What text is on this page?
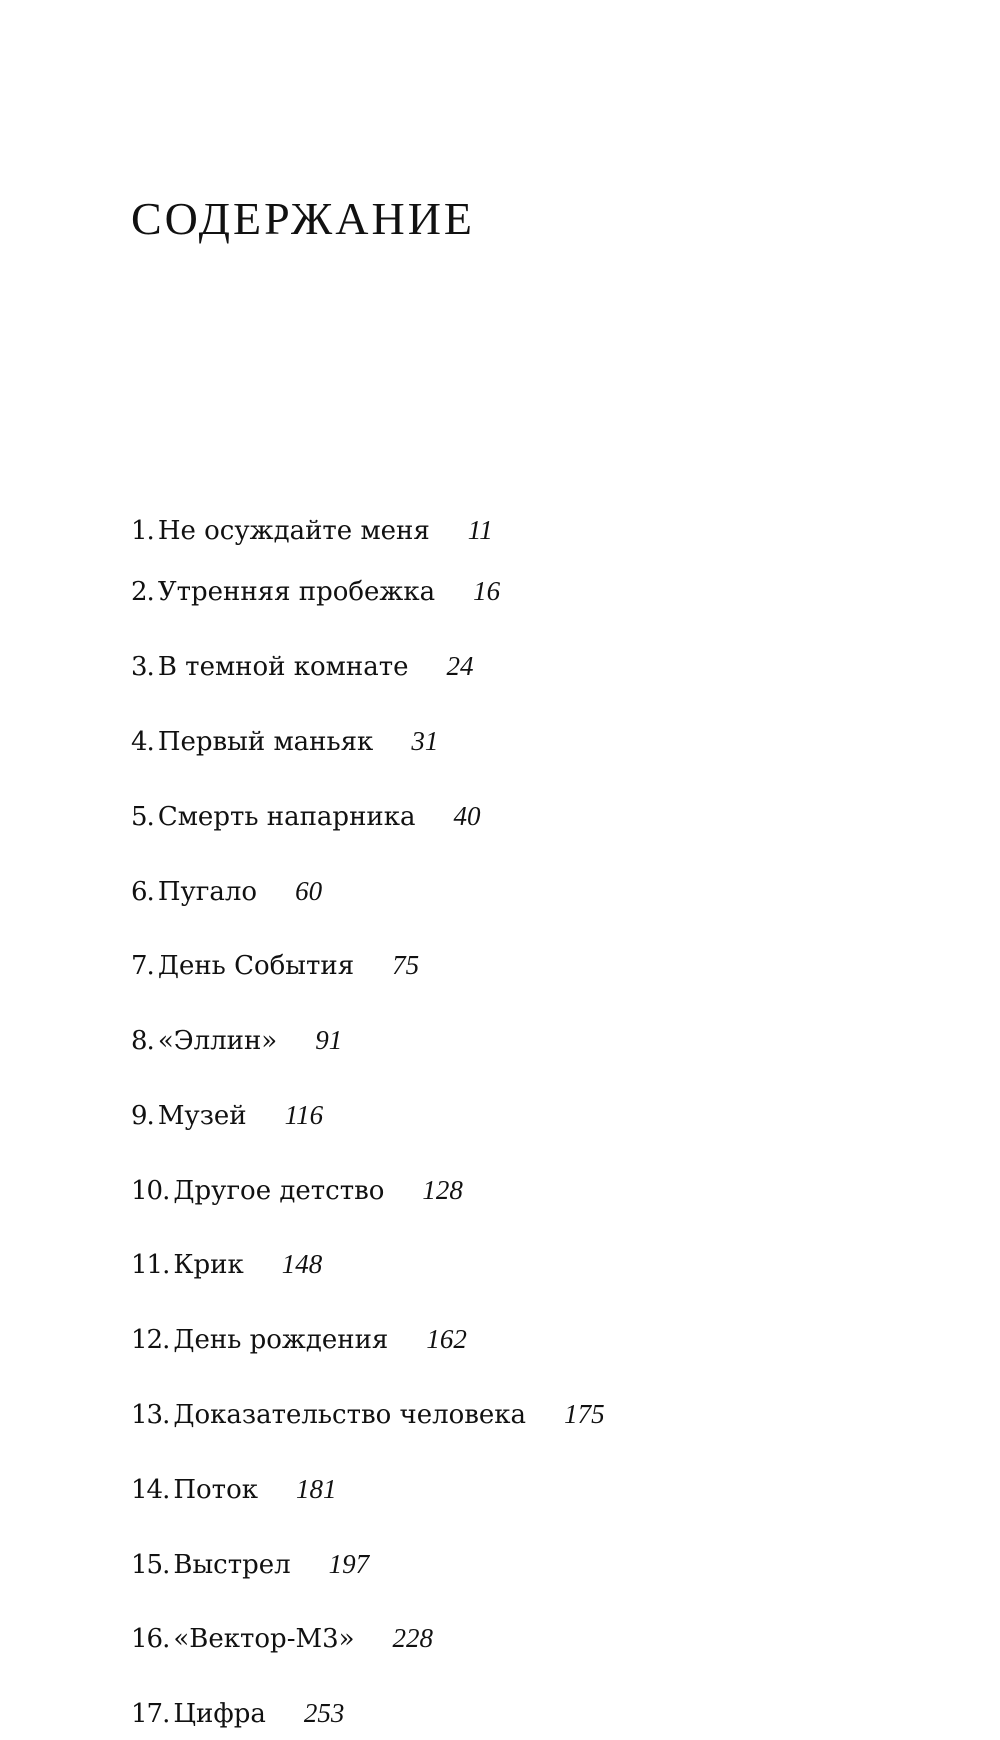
СОДЕРЖАНИЕ
1. Не осуждайте меня 11
2. Утренняя пробежка 16
3. В темной комнате 24
4. Первый маньяк 31
5. Смерть напарника 40
6. Пугало 60
7. День События 75
8. «Эллин» 91
9. Музей 116
10. Другое детство 128
11. Крик 148
12. День рождения 162
13. Доказательство человека 175
14. Поток 181
15. Выстрел 197
16. «Вектор-М3» 228
17. Цифра 253
